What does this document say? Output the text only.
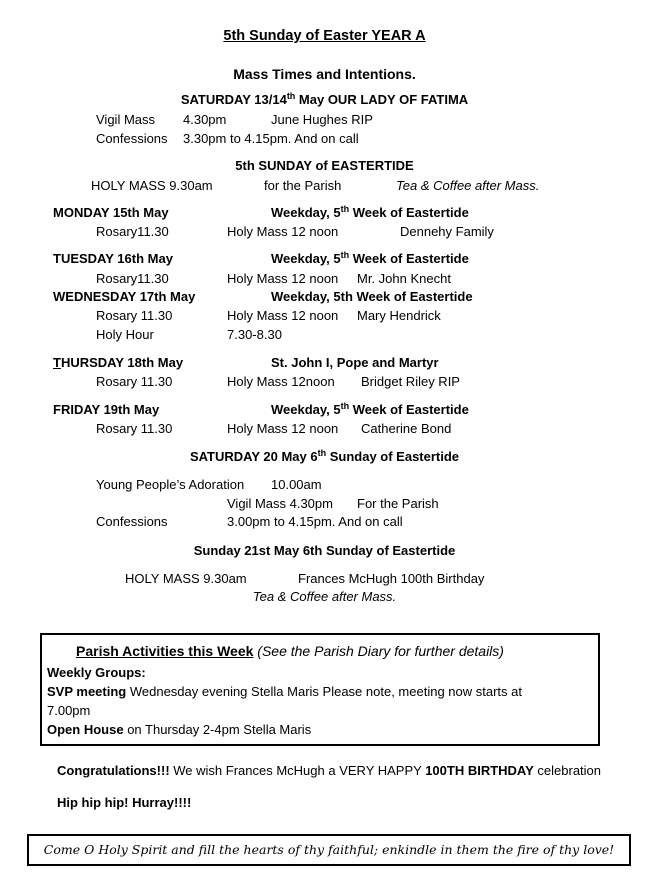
5th Sunday of Easter YEAR A
Mass Times and Intentions.
SATURDAY 13/14th May OUR LADY OF FATIMA
Vigil Mass 4.30pm	June Hughes RIP
Confessions 3.30pm to 4.15pm. And on call
5th SUNDAY of EASTERTIDE
HOLY MASS 9.30am	for the Parish	Tea & Coffee after Mass.
MONDAY 15th May	Weekday, 5th Week of Eastertide
Rosary11.30	Holy Mass 12 noon	Dennehy Family
TUESDAY 16th May	Weekday, 5th Week of Eastertide
Rosary11.30	Holy Mass 12 noon Mr. John Knecht
WEDNESDAY 17th May	Weekday, 5th Week of Eastertide
Rosary 11.30	Holy Mass 12 noon Mary Hendrick
Holy Hour	7.30-8.30
THURSDAY 18th May	St. John I, Pope and Martyr
Rosary 11.30	Holy Mass 12noon Bridget Riley RIP
FRIDAY 19th May	Weekday, 5th Week of Eastertide
Rosary 11.30	Holy Mass 12 noon Catherine Bond
SATURDAY 20 May 6th Sunday of Eastertide
Young People’s Adoration 10.00am
Vigil Mass 4.30pm For the Parish
Confessions	3.00pm to 4.15pm. And on call
Sunday 21st May 6th Sunday of Eastertide
HOLY MASS 9.30am	Frances McHugh 100th Birthday
Tea & Coffee after Mass.
Parish Activities this Week (See the Parish Diary for further details)
Weekly Groups:
SVP meeting Wednesday evening Stella Maris Please note, meeting now starts at
7.00pm
Open House on Thursday 2-4pm Stella Maris
Congratulations!!! We wish Frances McHugh a VERY HAPPY 100TH BIRTHDAY celebration
Hip hip hip! Hurray!!!!
Come O Holy Spirit and fill the hearts of thy faithful; enkindle in them the fire of thy love!
